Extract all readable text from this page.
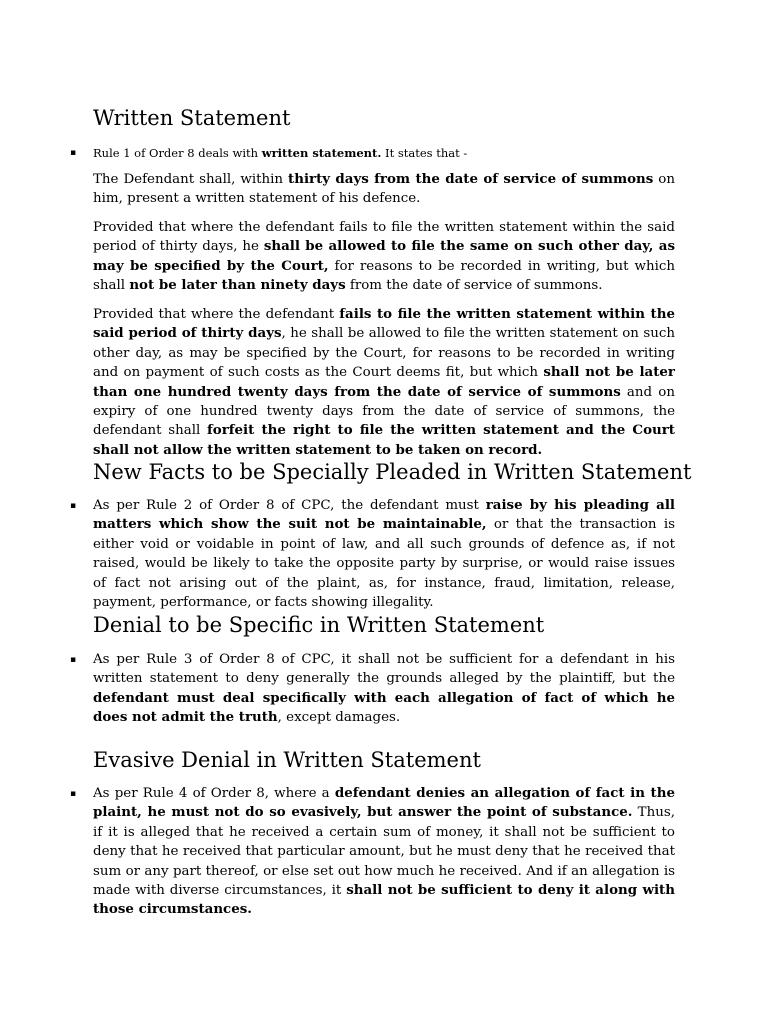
Written Statement
▪ Rule 1 of Order 8 deals with written statement. It states that -

The Defendant shall, within thirty days from the date of service of summons on him, present a written statement of his defence.

Provided that where the defendant fails to file the written statement within the said period of thirty days, he shall be allowed to file the same on such other day, as may be specified by the Court, for reasons to be recorded in writing, but which shall not be later than ninety days from the date of service of summons.

Provided that where the defendant fails to file the written statement within the said period of thirty days, he shall be allowed to file the written statement on such other day, as may be specified by the Court, for reasons to be recorded in writing and on payment of such costs as the Court deems fit, but which shall not be later than one hundred twenty days from the date of service of summons and on expiry of one hundred twenty days from the date of service of summons, the defendant shall forfeit the right to file the written statement and the Court shall not allow the written statement to be taken on record.

New Facts to be Specially Pleaded in Written Statement
▪ As per Rule 2 of Order 8 of CPC, the defendant must raise by his pleading all matters which show the suit not be maintainable, or that the transaction is either void or voidable in point of law, and all such grounds of defence as, if not raised, would be likely to take the opposite party by surprise, or would raise issues of fact not arising out of the plaint, as, for instance, fraud, limitation, release, payment, performance, or facts showing illegality.

Denial to be Specific in Written Statement
▪ As per Rule 3 of Order 8 of CPC, it shall not be sufficient for a defendant in his written statement to deny generally the grounds alleged by the plaintiff, but the defendant must deal specifically with each allegation of fact of which he does not admit the truth, except damages.

Evasive Denial in Written Statement
▪ As per Rule 4 of Order 8, where a defendant denies an allegation of fact in the plaint, he must not do so evasively, but answer the point of substance. Thus, if it is alleged that he received a certain sum of money, it shall not be sufficient to deny that he received that particular amount, but he must deny that he received that sum or any part thereof, or else set out how much he received. And if an allegation is made with diverse circumstances, it shall not be sufficient to deny it along with those circumstances.
